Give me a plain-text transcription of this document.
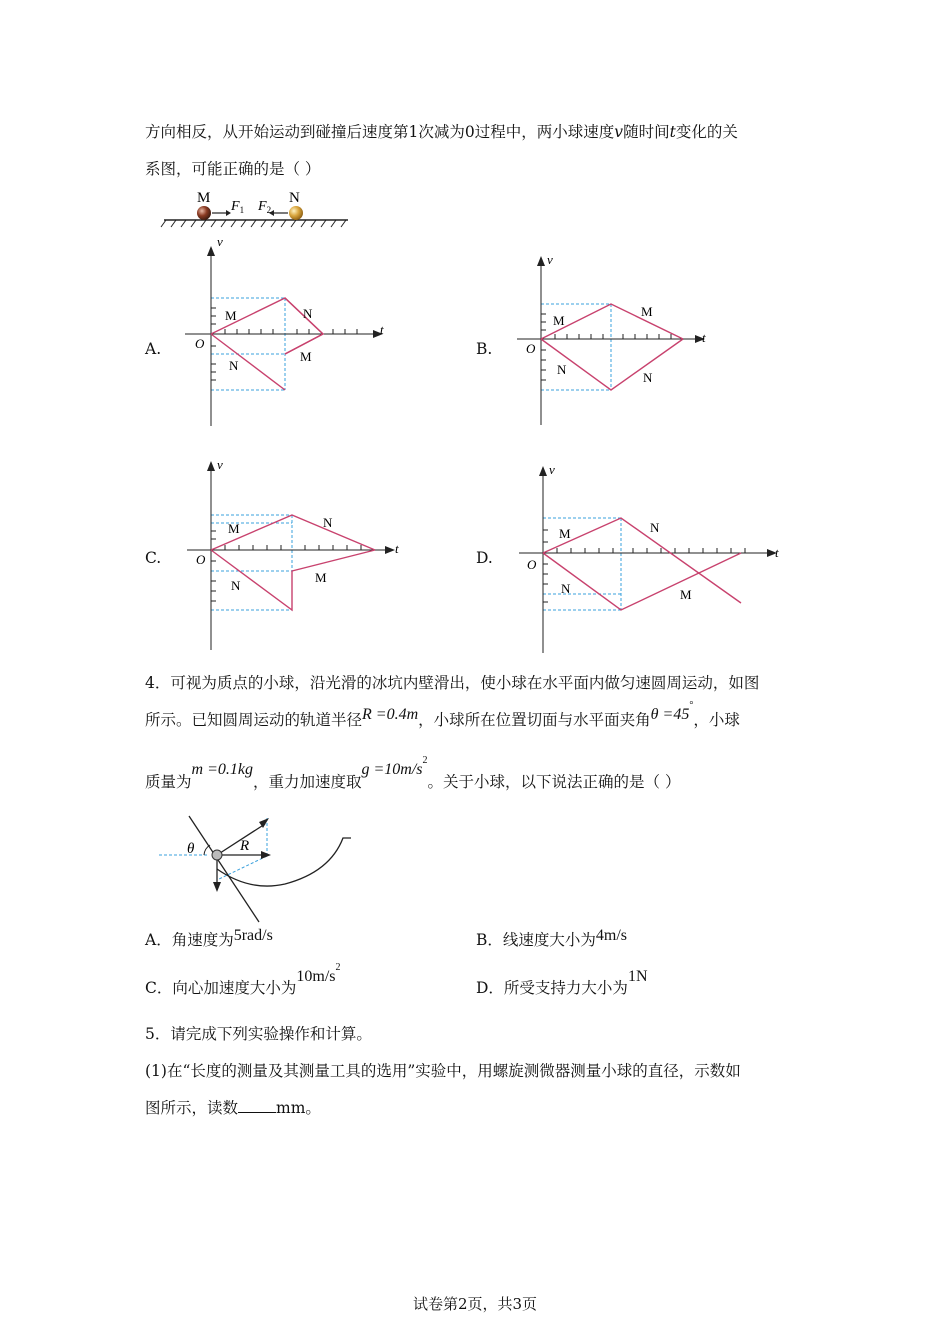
方向相反，从开始运动到碰撞后速度第1次减为0过程中，两小球速度v随时间t变化的关
系图，可能正确的是（ ）
M	N
$F_1$ $F_2$
A.	B.
C.	D.
v
t
O
M	N
N
M
v
t
O
M
M
N
N
v
t
O
M	N
N
M
v
t
O
M	N
N	M
4．可视为质点的小球，沿光滑的冰坑内壁滑出，使小球在水平面内做匀速圆周运动，如图
所示。已知圆周运动的轨道半径R =0.4m，小球所在位置切面与水平面夹角θ =45°，小球
质量为m =0.1kg，重力加速度取$g =10m/s^2$。关于小球，以下说法正确的是（ ）
θ	R
A．角速度为5rad/s	B．线速度大小为4m/s
C．向心加速度大小为$10m/s^2$
D．所受支持力大小为1N
5．请完成下列实验操作和计算。
(1)在“长度的测量及其测量工具的选用”实验中，用螺旋测微器测量小球的直径，示数如
图所示，读数 mm。
试卷第2页，共3页
